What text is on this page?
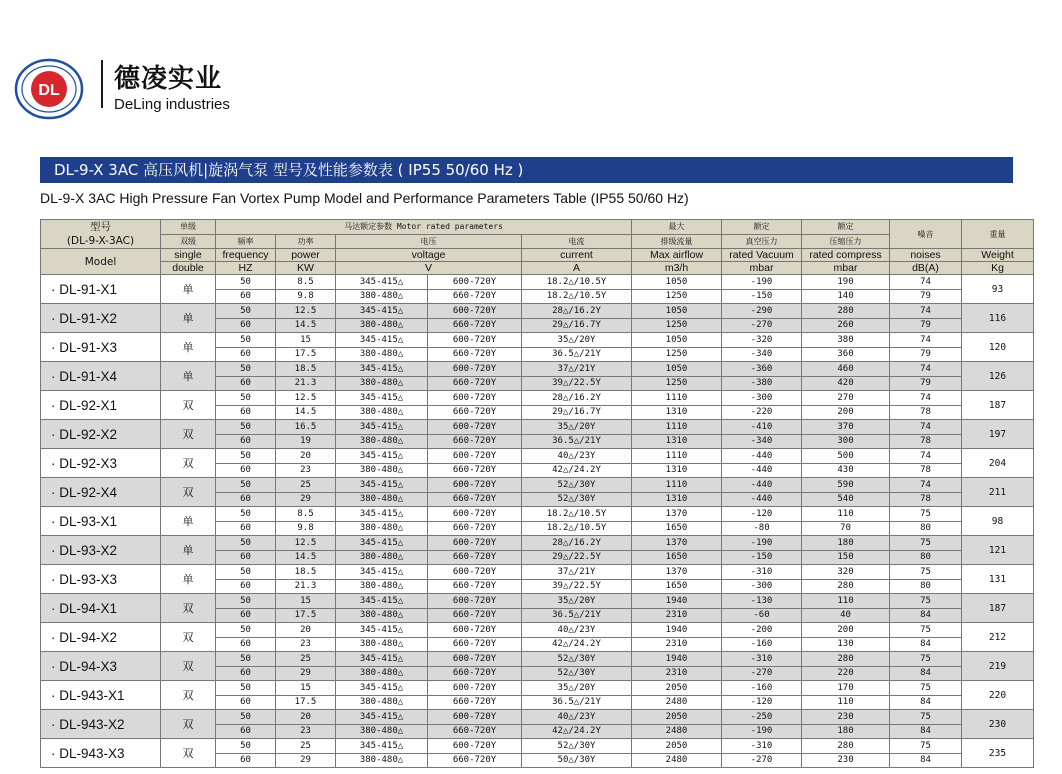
DL 德凌实业
DeLing industries
DL-9-X 3AC 高压风机|旋涡气泵 型号及性能参数表 ( IP55 50/60 Hz )
DL-9-X 3AC High Pressure Fan Vortex Pump Model and Performance Parameters Table (IP55 50/60 Hz)
型号
(DL-9-X-3AC)	单级	马达额定参数 Motor rated parameters					最大	额定	额定	噪音	重量
	双级	频率	功率	电压		电流	排级流量	真空压力	压缩压力		
Model	single	frequency	power	voltage		current	Max airflow	rated Vacuum	rated compress	noises	Weight
	double	HZ	KW	V		A	m3/h	mbar	mbar	dB(A)	Kg
· DL-91-X1	单	50	8.5	345-415△	600-720Y	18.2△/10.5Y	1050	-190	190	74	93
		60	9.8	380-480△	660-720Y	18.2△/10.5Y	1250	-150	140	79	
· DL-91-X2	单	50	12.5	345-415△	600-720Y	28△/16.2Y	1050	-290	280	74	116
		60	14.5	380-480△	660-720Y	29△/16.7Y	1250	-270	260	79	
· DL-91-X3	单	50	15	345-415△	600-720Y	35△/20Y	1050	-320	380	74	120
		60	17.5	380-480△	660-720Y	36.5△/21Y	1250	-340	360	79	
· DL-91-X4	单	50	18.5	345-415△	600-720Y	37△/21Y	1050	-360	460	74	126
		60	21.3	380-480△	660-720Y	39△/22.5Y	1250	-380	420	79	
· DL-92-X1	双	50	12.5	345-415△	600-720Y	28△/16.2Y	1110	-300	270	74	187
		60	14.5	380-480△	660-720Y	29△/16.7Y	1310	-220	200	78	
· DL-92-X2	双	50	16.5	345-415△	600-720Y	35△/20Y	1110	-410	370	74	197
		60	19	380-480△	660-720Y	36.5△/21Y	1310	-340	300	78	
· DL-92-X3	双	50	20	345-415△	600-720Y	40△/23Y	1110	-440	500	74	204
		60	23	380-480△	660-720Y	42△/24.2Y	1310	-440	430	78	
· DL-92-X4	双	50	25	345-415△	600-720Y	52△/30Y	1110	-440	590	74	211
		60	29	380-480△	660-720Y	52△/30Y	1310	-440	540	78	
· DL-93-X1	单	50	8.5	345-415△	600-720Y	18.2△/10.5Y	1370	-120	110	75	98
		60	9.8	380-480△	660-720Y	18.2△/10.5Y	1650	-80	70	80	
· DL-93-X2	单	50	12.5	345-415△	600-720Y	28△/16.2Y	1370	-190	180	75	121
		60	14.5	380-480△	660-720Y	29△/22.5Y	1650	-150	150	80	
· DL-93-X3	单	50	18.5	345-415△	600-720Y	37△/21Y	1370	-310	320	75	131
		60	21.3	380-480△	660-720Y	39△/22.5Y	1650	-300	280	80	
· DL-94-X1	双	50	15	345-415△	600-720Y	35△/20Y	1940	-130	110	75	187
		60	17.5	380-480△	660-720Y	36.5△/21Y	2310	-60	40	84	
· DL-94-X2	双	50	20	345-415△	600-720Y	40△/23Y	1940	-200	200	75	212
		60	23	380-480△	660-720Y	42△/24.2Y	2310	-160	130	84	
· DL-94-X3	双	50	25	345-415△	600-720Y	52△/30Y	1940	-310	280	75	219
		60	29	380-480△	660-720Y	52△/30Y	2310	-270	220	84	
· DL-943-X1	双	50	15	345-415△	600-720Y	35△/20Y	2050	-160	170	75	220
		60	17.5	380-480△	660-720Y	36.5△/21Y	2480	-120	110	84	
· DL-943-X2	双	50	20	345-415△	600-720Y	40△/23Y	2050	-250	230	75	230
		60	23	380-480△	660-720Y	42△/24.2Y	2480	-190	180	84	
· DL-943-X3	双	50	25	345-415△	600-720Y	52△/30Y	2050	-310	280	75	235
		60	29	380-480△	660-720Y	50△/30Y	2480	-270	230	84	
